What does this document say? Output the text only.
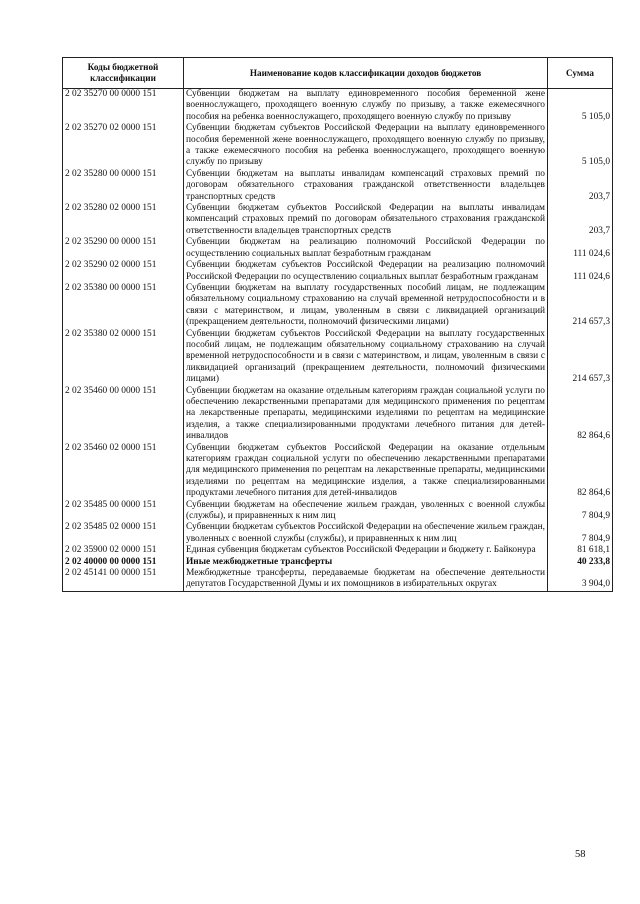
Коды бюджетной классификации	Наименование кодов классификации доходов бюджетов	Сумма
2 02 35270 00 0000 151	Субвенции бюджетам на выплату единовременного пособия беременной жене военнослужащего, проходящего военную службу по призыву, а также ежемесячного пособия на ребенка военнослужащего, проходящего военную службу по призыву	5 105,0
2 02 35270 02 0000 151	Субвенции бюджетам субъектов Российской Федерации на выплату единовременного пособия беременной жене военнослужащего, проходящего военную службу по призыву, а также ежемесячного пособия на ребенка военнослужащего, проходящего военную службу по призыву	5 105,0
2 02 35280 00 0000 151	Субвенции бюджетам на выплаты инвалидам компенсаций страховых премий по договорам обязательного страхования гражданской ответственности владельцев транспортных средств	203,7
2 02 35280 02 0000 151	Субвенции бюджетам субъектов Российской Федерации на выплаты инвалидам компенсаций страховых премий по договорам обязательного страхования гражданской ответственности владельцев транспортных средств	203,7
2 02 35290 00 0000 151	Субвенции бюджетам на реализацию полномочий Российской Федерации по осуществлению социальных выплат безработным гражданам	111 024,6
2 02 35290 02 0000 151	Субвенции бюджетам субъектов Российской Федерации на реализацию полномочий Российской Федерации по осуществлению социальных выплат безработным гражданам	111 024,6
2 02 35380 00 0000 151	Субвенции бюджетам на выплату государственных пособий лицам, не подлежащим обязательному социальному страхованию на случай временной нетрудоспособности и в связи с материнством, и лицам, уволенным в связи с ликвидацией организаций (прекращением деятельности, полномочий физическими лицами)	214 657,3
2 02 35380 02 0000 151	Субвенции бюджетам субъектов Российской Федерации на выплату государственных пособий лицам, не подлежащим обязательному социальному страхованию на случай временной нетрудоспособности и в связи с материнством, и лицам, уволенным в связи с ликвидацией организаций (прекращением деятельности, полномочий физическими лицами)	214 657,3
2 02 35460 00 0000 151	Субвенции бюджетам на оказание отдельным категориям граждан социальной услуги по обеспечению лекарственными препаратами для медицинского применения по рецептам на лекарственные препараты, медицинскими изделиями по рецептам на медицинские изделия, а также специализированными продуктами лечебного питания для детей-инвалидов	82 864,6
2 02 35460 02 0000 151	Субвенции бюджетам субъектов Российской Федерации на оказание отдельным категориям граждан социальной услуги по обеспечению лекарственными препаратами для медицинского применения по рецептам на лекарственные препараты, медицинскими изделиями по рецептам на медицинские изделия, а также специализированными продуктами лечебного питания для детей-инвалидов	82 864,6
2 02 35485 00 0000 151	Субвенции бюджетам на обеспечение жильем граждан, уволенных с военной службы (службы), и приравненных к ним лиц	7 804,9
2 02 35485 02 0000 151	Субвенции бюджетам субъектов Российской Федерации на обеспечение жильем граждан, уволенных с военной службы (службы), и приравненных к ним лиц	7 804,9
2 02 35900 02 0000 151	Единая субвенция бюджетам субъектов Российской Федерации и бюджету г. Байконура	81 618,1
2 02 40000 00 0000 151	Иные межбюджетные трансферты	40 233,8
2 02 45141 00 0000 151	Межбюджетные трансферты, передаваемые бюджетам на обеспечение деятельности депутатов Государственной Думы и их помощников в избирательных округах	3 904,0
58
